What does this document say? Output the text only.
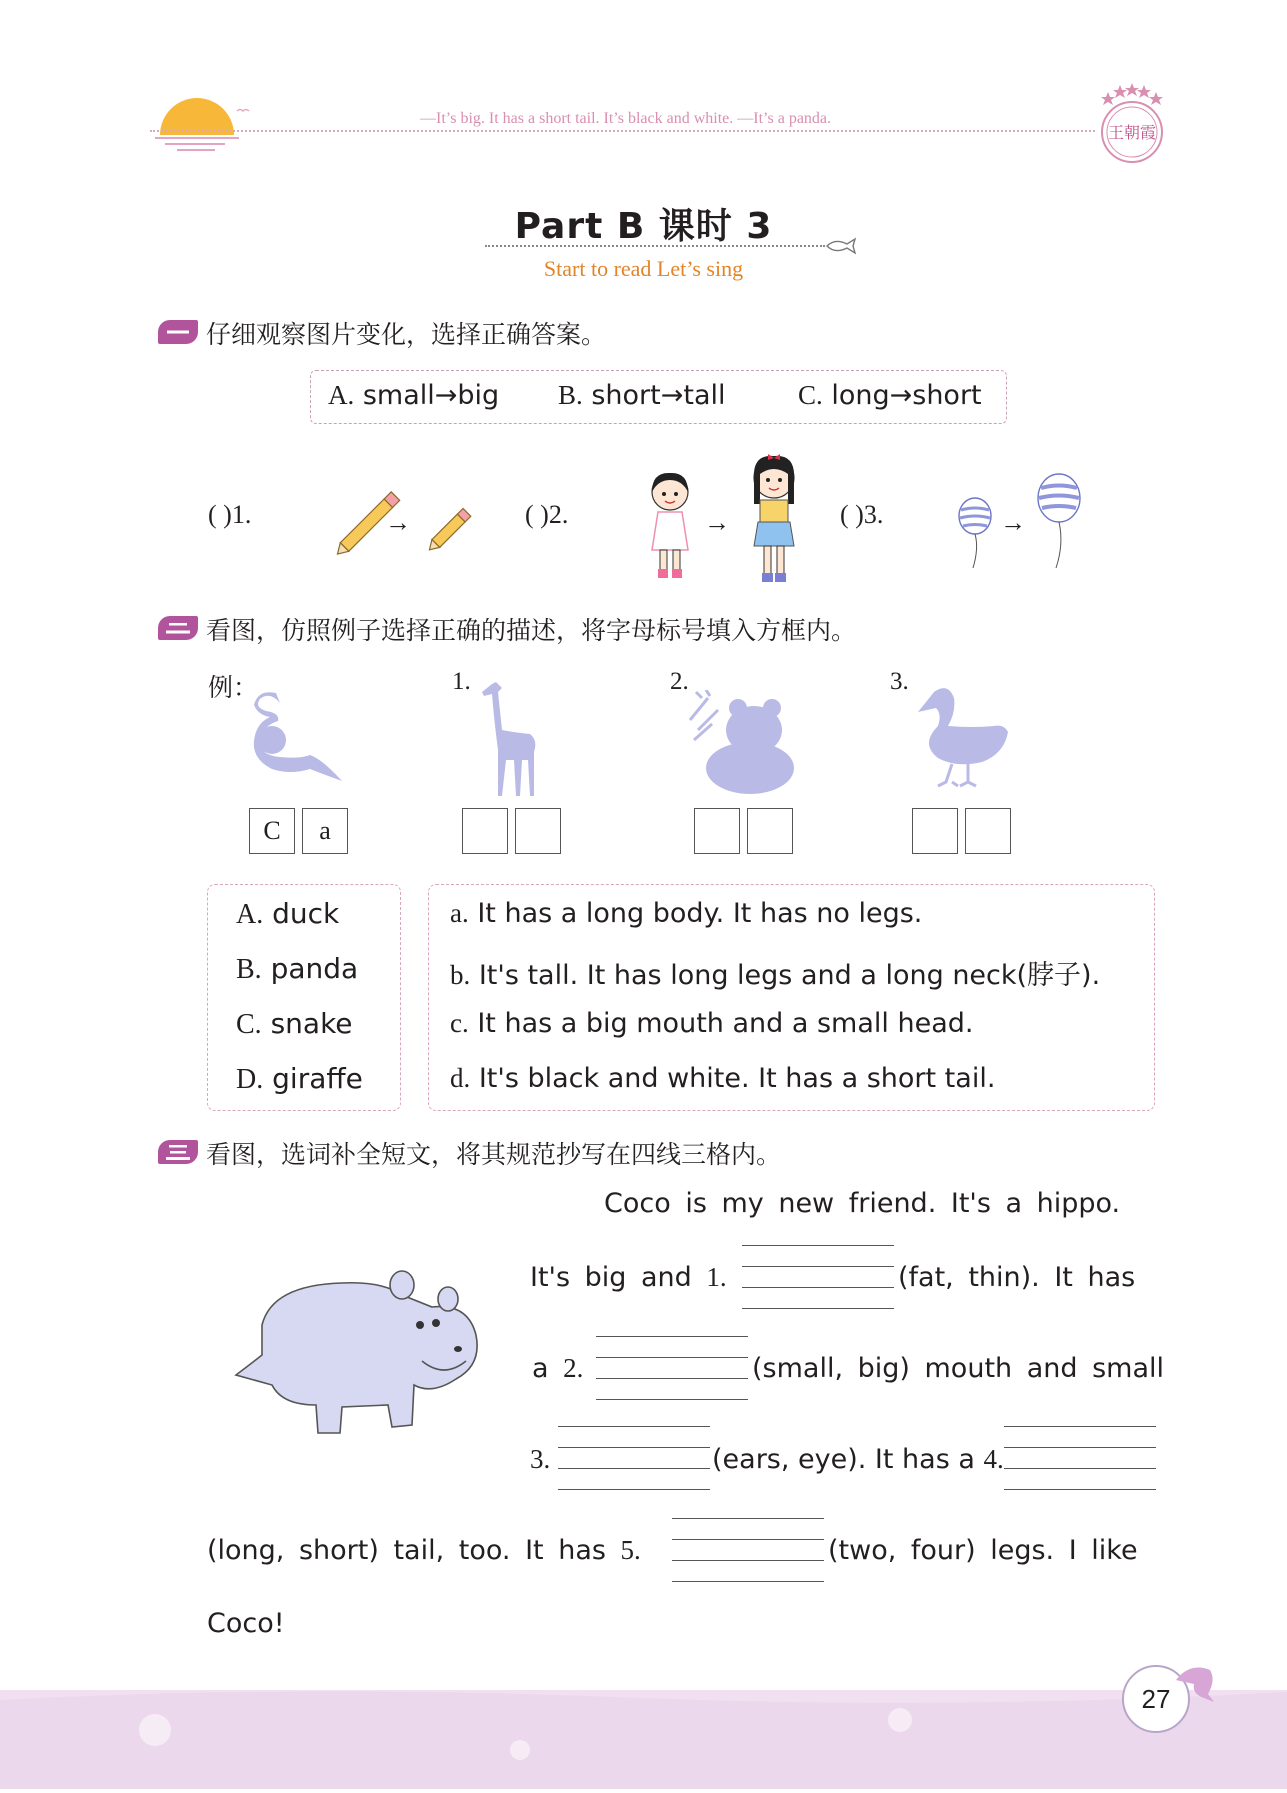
—It’s big. It has a short tail. It’s black and white. —It’s a panda.
王朝霞
Part B 课时 3
Start to read Let’s sing
仔细观察图片变化，选择正确答案。
A. small→big B. short→tall	C. long→short
( )1.	→	( )2.	→	( )3.	→
看图，仿照例子选择正确的描述，将字母标号填入方框内。
例：	1.	2.	3.
C	a
A. duck
B. panda
C. snake
D. giraffe
a. It has a long body. It has no legs.
b. It's tall. It has long legs and a long neck(脖子).
c. It has a big mouth and a small head.
d. It's black and white. It has a short tail.
看图，选词补全短文，将其规范抄写在四线三格内。
Coco is my new friend. It's a hippo.
It's big and 1.	(fat, thin). It has
a 2.	(small, big) mouth and small
3.	(ears, eye). It has a 4.
(long, short) tail, too. It has 5.	(two, four) legs. I like
Coco!
27
